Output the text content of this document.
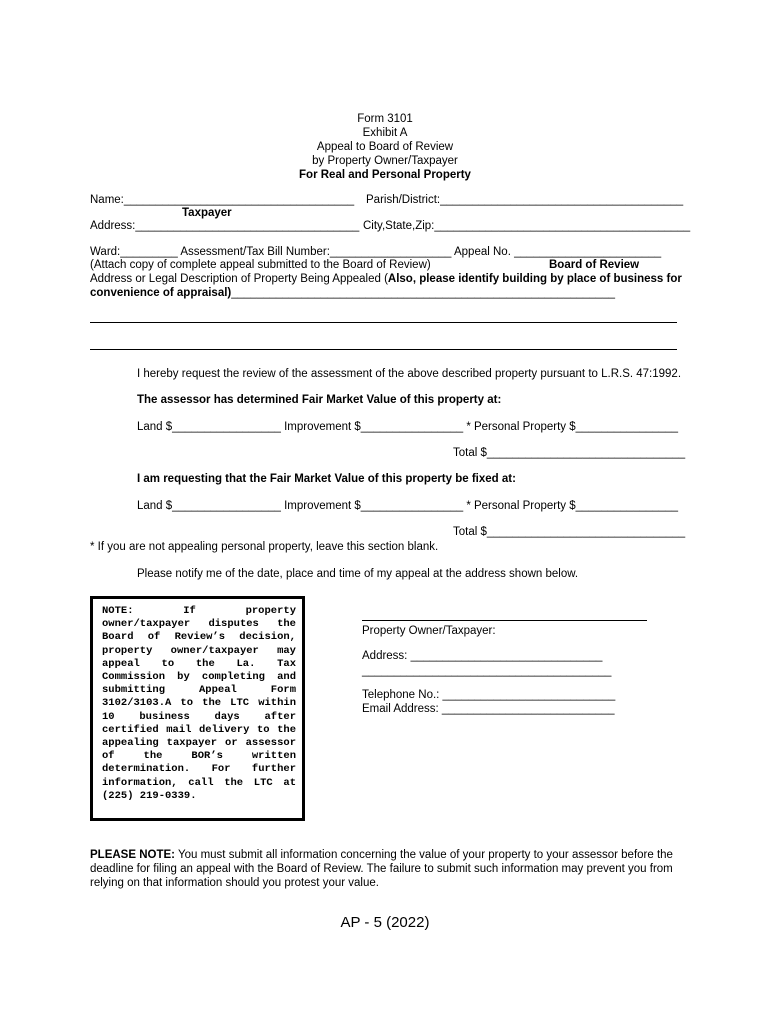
Form 3101
Exhibit A
Appeal to Board of Review
by Property Owner/Taxpayer
For Real and Personal Property
Name:____________________________________ Parish/District:______________________________________
Taxpayer
Address:___________________________________ City,State,Zip:________________________________________
Ward:_________ Assessment/Tax Bill Number:___________________ Appeal No. _______________________
(Attach copy of complete appeal submitted to the Board of Review)	Board of Review
Address or Legal Description of Property Being Appealed (Also, please identify building by place of business for
convenience of appraisal)____________________________________________________________
I hereby request the review of the assessment of the above described property pursuant to L.R.S. 47:1992.
The assessor has determined Fair Market Value of this property at:
Land $_________________ Improvement $________________ * Personal Property $________________
Total $_______________________________
I am requesting that the Fair Market Value of this property be fixed at:
Land $_________________ Improvement $________________ * Personal Property $________________
Total $_______________________________
* If you are not appealing personal property, leave this section blank.
Please notify me of the date, place and time of my appeal at the address shown below.

NOTE: If property owner/taxpayer disputes the Board of Review’s decision, property owner/taxpayer may appeal to the La. Tax Commission by completing and submitting Appeal Form 3102/3103.A to the LTC within 10 business days after certified mail delivery to the appealing taxpayer or assessor of the BOR’s written determination. For further information, call the LTC at (225) 219-0339.

Property Owner/Taxpayer:
Address: ______________________________
_______________________________________
Telephone No.: ___________________________
Email Address: ___________________________
PLEASE NOTE: You must submit all information concerning the value of your property to your assessor before the
deadline for filing an appeal with the Board of Review. The failure to submit such information may prevent you from
relying on that information should you protest your value.
AP - 5 (2022)
